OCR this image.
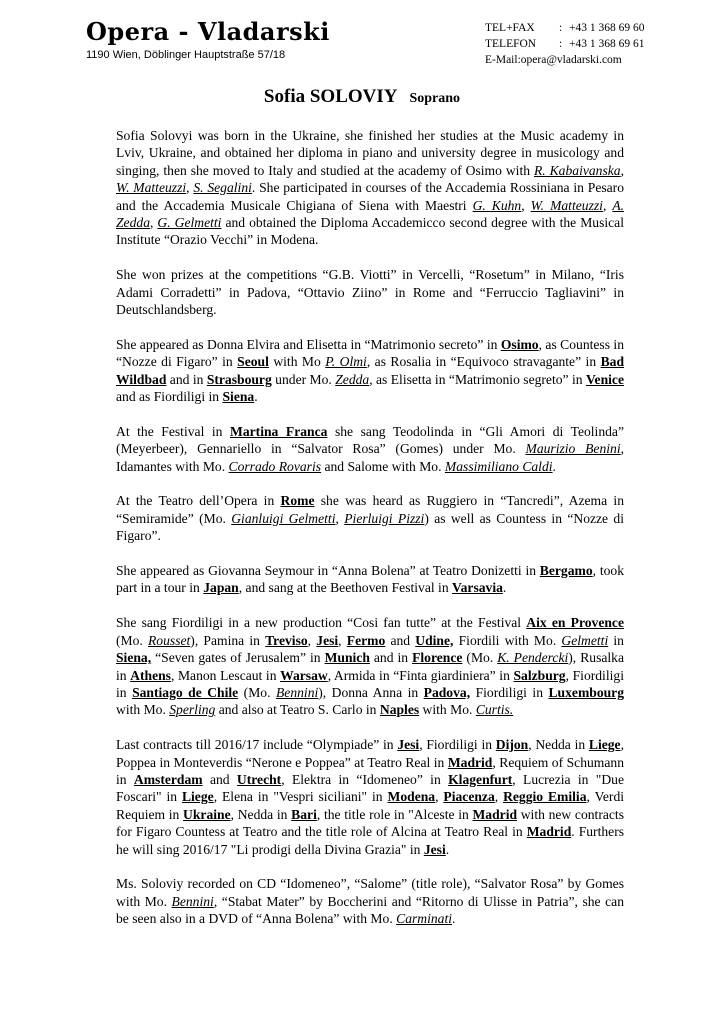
Opera - Vladarski
1190 Wien, Döblinger Hauptstraße 57/18
TEL+FAX	: +43 1 368 69 60
TELEFON	: +43 1 368 69 61
E-Mail : opera@vladarski.com
Sofia SOLOVIY Soprano

Sofia Solovyi was born in the Ukraine, she finished her studies at the Music academy in Lviv, Ukraine, and obtained her diploma in piano and university degree in musicology and singing, then she moved to Italy and studied at the academy of Osimo with R. Kabaivanska, W. Matteuzzi, S. Segalini. She participated in courses of the Accademia Rossiniana in Pesaro and the Accademia Musicale Chigiana of Siena with Maestri G. Kuhn, W. Matteuzzi, A. Zedda, G. Gelmetti and obtained the Diploma Accademicco second degree with the Musical Institute “Orazio Vecchi” in Modena.

She won prizes at the competitions “G.B. Viotti” in Vercelli, “Rosetum” in Milano, “Iris Adami Corradetti” in Padova, “Ottavio Ziino” in Rome and “Ferruccio Tagliavini” in Deutschlandsberg.

She appeared as Donna Elvira and Elisetta in “Matrimonio secreto” in Osimo, as Countess in “Nozze di Figaro” in Seoul with Mo P. Olmi, as Rosalia in “Equivoco stravagante” in Bad Wildbad and in Strasbourg under Mo. Zedda, as Elisetta in “Matrimonio segreto” in Venice and as Fiordiligi in Siena.

At the Festival in Martina Franca she sang Teodolinda in “Gli Amori di Teolinda” (Meyerbeer), Gennariello in “Salvator Rosa” (Gomes) under Mo. Maurizio Benini, Idamantes with Mo. Corrado Rovaris and Salome with Mo. Massimiliano Caldi.

At the Teatro dell’Opera in Rome she was heard as Ruggiero in “Tancredi”, Azema in “Semiramide” (Mo. Gianluigi Gelmetti, Pierluigi Pizzi) as well as Countess in “Nozze di Figaro”.

She appeared as Giovanna Seymour in “Anna Bolena” at Teatro Donizetti in Bergamo, took part in a tour in Japan, and sang at the Beethoven Festival in Varsavia.

She sang Fiordiligi in a new production “Cosi fan tutte” at the Festival Aix en Provence (Mo. Rousset), Pamina in Treviso, Jesi, Fermo and Udine, Fiordili with Mo. Gelmetti in Siena, “Seven gates of Jerusalem” in Munich and in Florence (Mo. K. Pendercki), Rusalka in Athens, Manon Lescaut in Warsaw, Armida in “Finta giardiniera” in Salzburg, Fiordiligi in Santiago de Chile (Mo. Bennini), Donna Anna in Padova, Fiordiligi in Luxembourg with Mo. Sperling and also at Teatro S. Carlo in Naples with Mo. Curtis.

Last contracts till 2016/17 include “Olympiade” in Jesi, Fiordiligi in Dijon, Nedda in Liege, Poppea in Monteverdis “Nerone e Poppea” at Teatro Real in Madrid, Requiem of Schumann in Amsterdam and Utrecht, Elektra in “Idomeneo” in Klagenfurt, Lucrezia in "Due Foscari" in Liege, Elena in "Vespri siciliani" in Modena, Piacenza, Reggio Emilia, Verdi Requiem in Ukraine, Nedda in Bari, the title role in "Alceste in Madrid with new contracts for Figaro Countess at Teatro and the title role of Alcina at Teatro Real in Madrid. Furthers he will sing 2016/17 "Li prodigi della Divina Grazia" in Jesi.

Ms. Soloviy recorded on CD “Idomeneo”, “Salome” (title role), “Salvator Rosa” by Gomes with Mo. Bennini, “Stabat Mater” by Boccherini and “Ritorno di Ulisse in Patria”, she can be seen also in a DVD of “Anna Bolena” with Mo. Carminati.
